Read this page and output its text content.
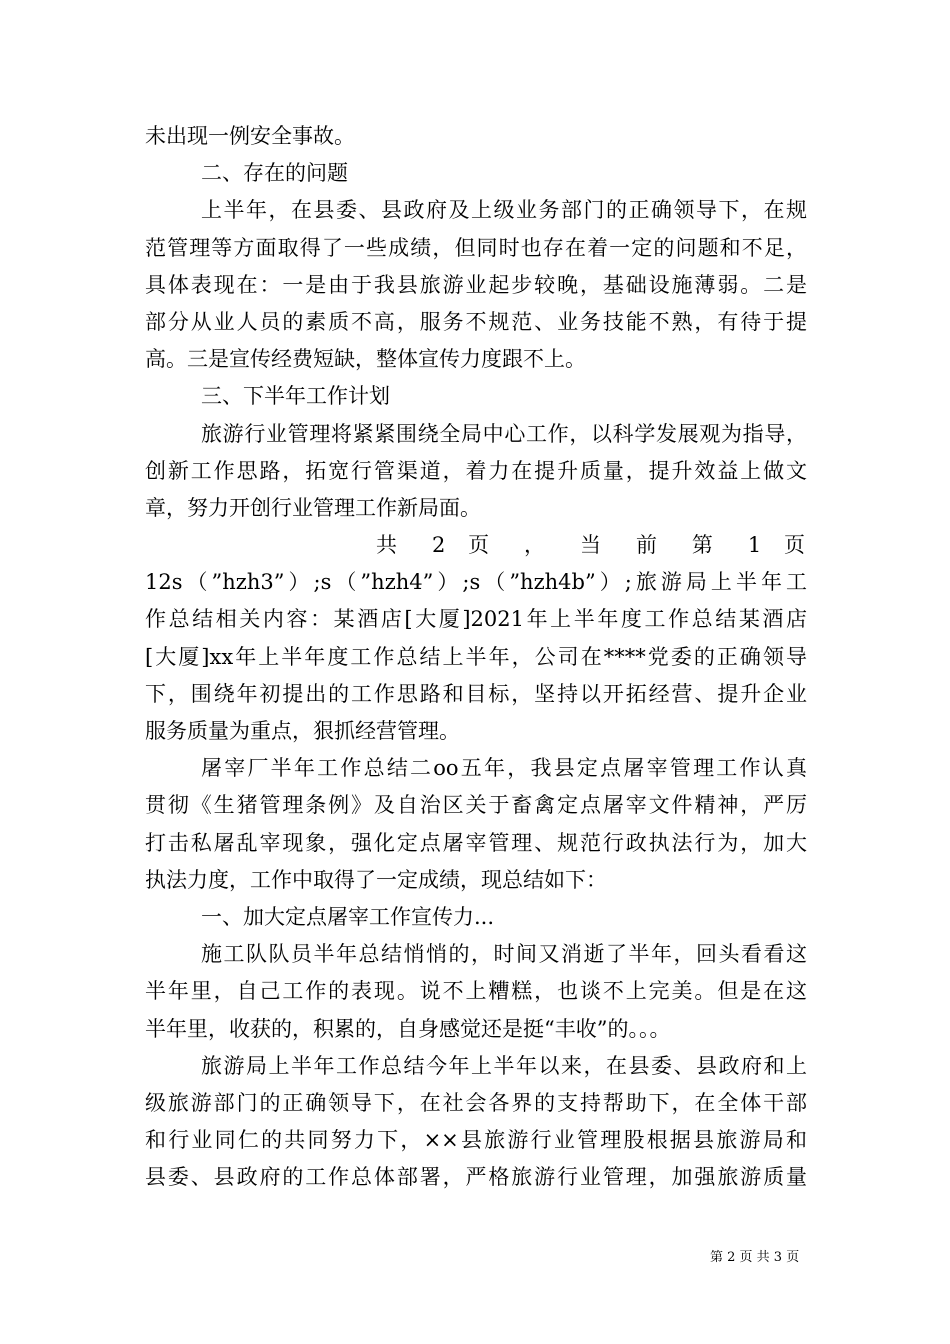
未出现一例安全事故。
二、存在的问题
上半年，在县委、县政府及上级业务部门的正确领导下，在规
范管理等方面取得了一些成绩，但同时也存在着一定的问题和不足，
具体表现在：一是由于我县旅游业起步较晚，基础设施薄弱。二是
部分从业人员的素质不高，服务不规范、业务技能不熟，有待于提
高。三是宣传经费短缺，整体宣传力度跟不上。
三、下半年工作计划
旅游行业管理将紧紧围绕全局中心工作，以科学发展观为指导，
创新工作思路，拓宽行管渠道，着力在提升质量，提升效益上做文
章，努力开创行业管理工作新局面。
共 2 页 ， 当 前 第 1 页
12s（”hzh3”）;s（”hzh4”）;s（”hzh4b”）;旅游局上半年工
作总结相关内容：某酒店[大厦]2021年上半年度工作总结某酒店
[大厦]xx年上半年度工作总结上半年，公司在****党委的正确领导
下，围绕年初提出的工作思路和目标，坚持以开拓经营、提升企业
服务质量为重点，狠抓经营管理。
屠宰厂半年工作总结二oo五年，我县定点屠宰管理工作认真
贯彻《生猪管理条例》及自治区关于畜禽定点屠宰文件精神，严厉
打击私屠乱宰现象，强化定点屠宰管理、规范行政执法行为，加大
执法力度，工作中取得了一定成绩，现总结如下：
一、加大定点屠宰工作宣传力...
施工队队员半年总结悄悄的，时间又消逝了半年，回头看看这
半年里，自己工作的表现。说不上糟糕，也谈不上完美。但是在这
半年里，收获的，积累的，自身感觉还是挺“丰收”的。。。
旅游局上半年工作总结今年上半年以来，在县委、县政府和上
级旅游部门的正确领导下，在社会各界的支持帮助下，在全体干部
和行业同仁的共同努力下，××县旅游行业管理股根据县旅游局和
县委、县政府的工作总体部署，严格旅游行业管理，加强旅游质量
第 2 页 共 3 页
